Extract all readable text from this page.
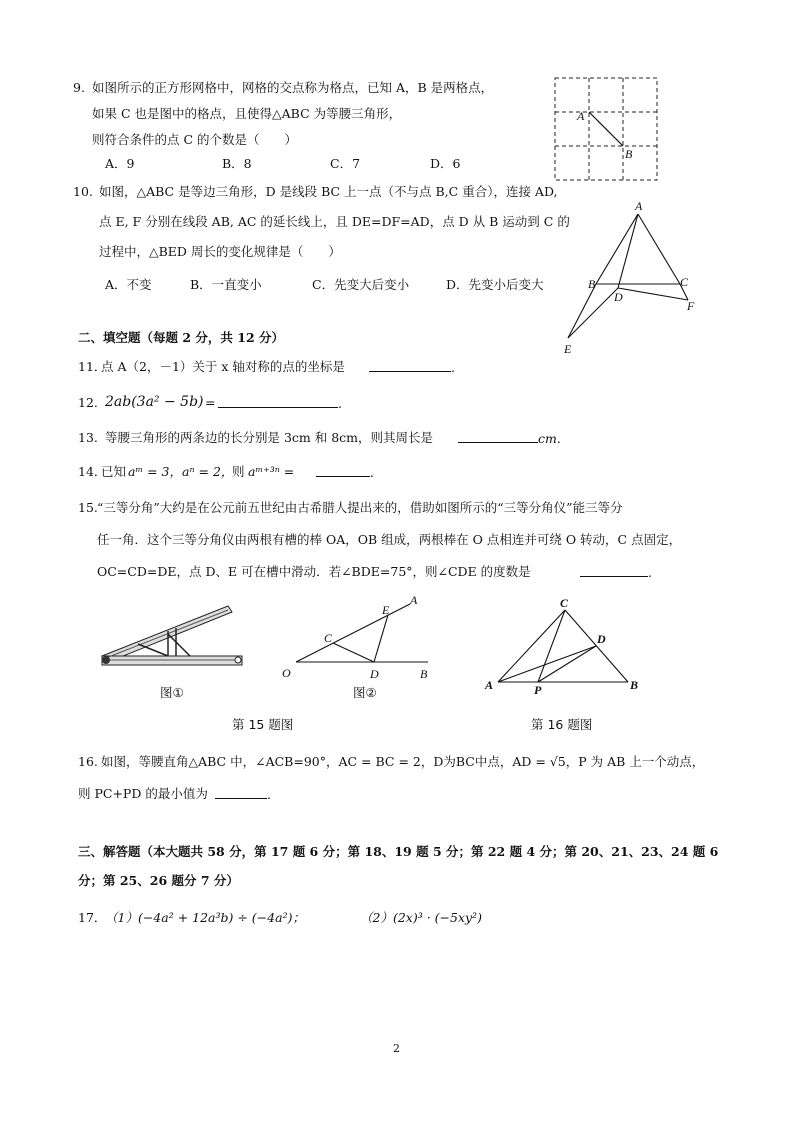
9. 如图所示的正方形网格中，网格的交点称为格点，已知 A，B 是两格点，
如果 C 也是图中的格点，且使得△ABC 为等腰三角形，
则符合条件的点 C 的个数是（　　）
A．9	B．8	C．7	D．6
A
B
10. 如图，△ABC 是等边三角形，D 是线段 BC 上一点（不与点 B,C 重合），连接 AD,
点 E, F 分别在线段 AB, AC 的延长线上，且 DE=DF=AD，点 D 从 B 运动到 C 的
过程中，△BED 周长的变化规律是（　　）
A．不变	B．一直变小	C．先变大后变小	D．先变小后变大
A
B	C
D
E
F
二、填空题（每题 2 分，共 12 分）
11．
点 A（2，－1）关于 x 轴对称的点的坐标是	.
12. 2ab(3a² − 5b) =	.
13. 等腰三角形的两条边的长分别是 3cm 和 8cm，则其周长是	cm.
14．
已知 aᵐ = 3， aⁿ = 2，
则 aᵐ⁺³ⁿ =	.
15. “三等分角”大约是在公元前五世纪由古希腊人提出来的，借助如图所示的“三等分角仪”能三等分
任一角．这个三等分角仪由两根有槽的棒 OA，OB 组成，两根棒在 O 点相连并可绕 O 转动，C 点固定，
OC=CD=DE，点 D、E 可在槽中滑动．若∠BDE=75°，则∠CDE 的度数是	.
图①
O
C
D
E
A
B
图②
第 15 题图
C
D
A	P	B
第 16 题图
16. 如图，等腰直角△ABC 中，∠ACB=90°，AC = BC = 2，D为BC中点，AD = √5，P 为 AB 上一个动点，
则 PC+PD 的最小值为	.
三、解答题（本大题共 58 分，第 17 题 6 分；第 18、19 题 5 分；第 22 题 4 分；第 20、21、23、24 题 6
分；第 25、26 题分 7 分）
17．
（1）(−4a² + 12a³b) ÷ (−4a²)；	（2）(2x)³ · (−5xy²)
2
